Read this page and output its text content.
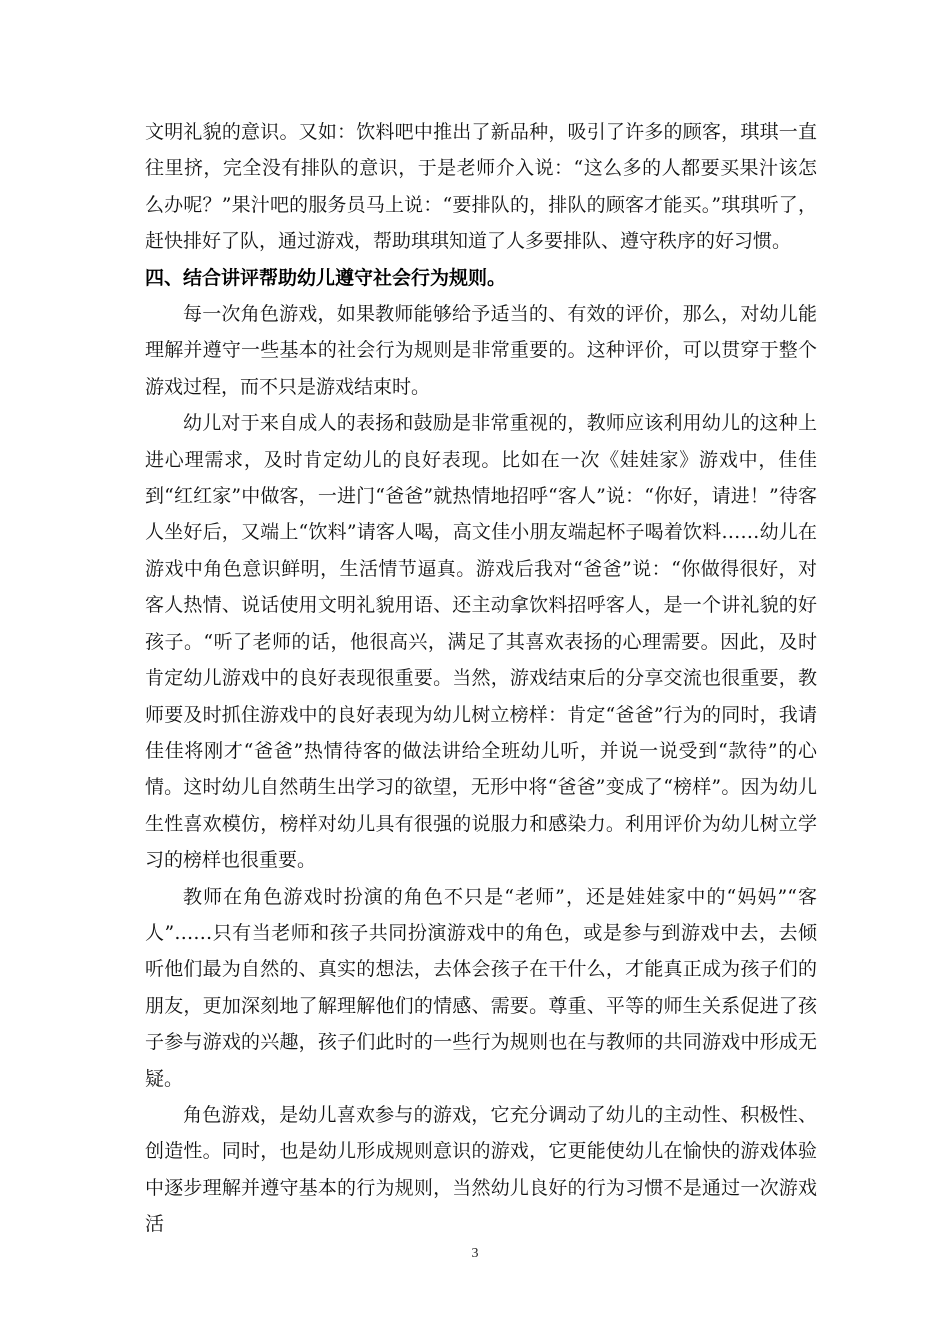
文明礼貌的意识。又如：饮料吧中推出了新品种，吸引了许多的顾客，琪琪一直往里挤，完全没有排队的意识，于是老师介入说：“这么多的人都要买果汁该怎么办呢？”果汁吧的服务员马上说：“要排队的，排队的顾客才能买。”琪琪听了，赶快排好了队，通过游戏，帮助琪琪知道了人多要排队、遵守秩序的好习惯。

四、结合讲评帮助幼儿遵守社会行为规则。

每一次角色游戏，如果教师能够给予适当的、有效的评价，那么，对幼儿能理解并遵守一些基本的社会行为规则是非常重要的。这种评价，可以贯穿于整个游戏过程，而不只是游戏结束时。

幼儿对于来自成人的表扬和鼓励是非常重视的，教师应该利用幼儿的这种上进心理需求，及时肯定幼儿的良好表现。比如在一次《娃娃家》游戏中，佳佳到“红红家”中做客，一进门“爸爸”就热情地招呼“客人”说：“你好，请进！”待客人坐好后，又端上“饮料”请客人喝，高文佳小朋友端起杯子喝着饮料……幼儿在游戏中角色意识鲜明，生活情节逼真。游戏后我对“爸爸”说：“你做得很好，对客人热情、说话使用文明礼貌用语、还主动拿饮料招呼客人，是一个讲礼貌的好孩子。“听了老师的话，他很高兴，满足了其喜欢表扬的心理需要。因此，及时肯定幼儿游戏中的良好表现很重要。当然，游戏结束后的分享交流也很重要，教师要及时抓住游戏中的良好表现为幼儿树立榜样：肯定“爸爸”行为的同时，我请佳佳将刚才“爸爸”热情待客的做法讲给全班幼儿听，并说一说受到“款待”的心情。这时幼儿自然萌生出学习的欲望，无形中将“爸爸”变成了“榜样”。因为幼儿生性喜欢模仿，榜样对幼儿具有很强的说服力和感染力。利用评价为幼儿树立学习的榜样也很重要。

教师在角色游戏时扮演的角色不只是“老师”，还是娃娃家中的“妈妈”“客人”……只有当老师和孩子共同扮演游戏中的角色，或是参与到游戏中去，去倾听他们最为自然的、真实的想法，去体会孩子在干什么，才能真正成为孩子们的朋友，更加深刻地了解理解他们的情感、需要。尊重、平等的师生关系促进了孩子参与游戏的兴趣，孩子们此时的一些行为规则也在与教师的共同游戏中形成无疑。

角色游戏，是幼儿喜欢参与的游戏，它充分调动了幼儿的主动性、积极性、创造性。同时，也是幼儿形成规则意识的游戏，它更能使幼儿在愉快的游戏体验中逐步理解并遵守基本的行为规则，当然幼儿良好的行为习惯不是通过一次游戏活

3
